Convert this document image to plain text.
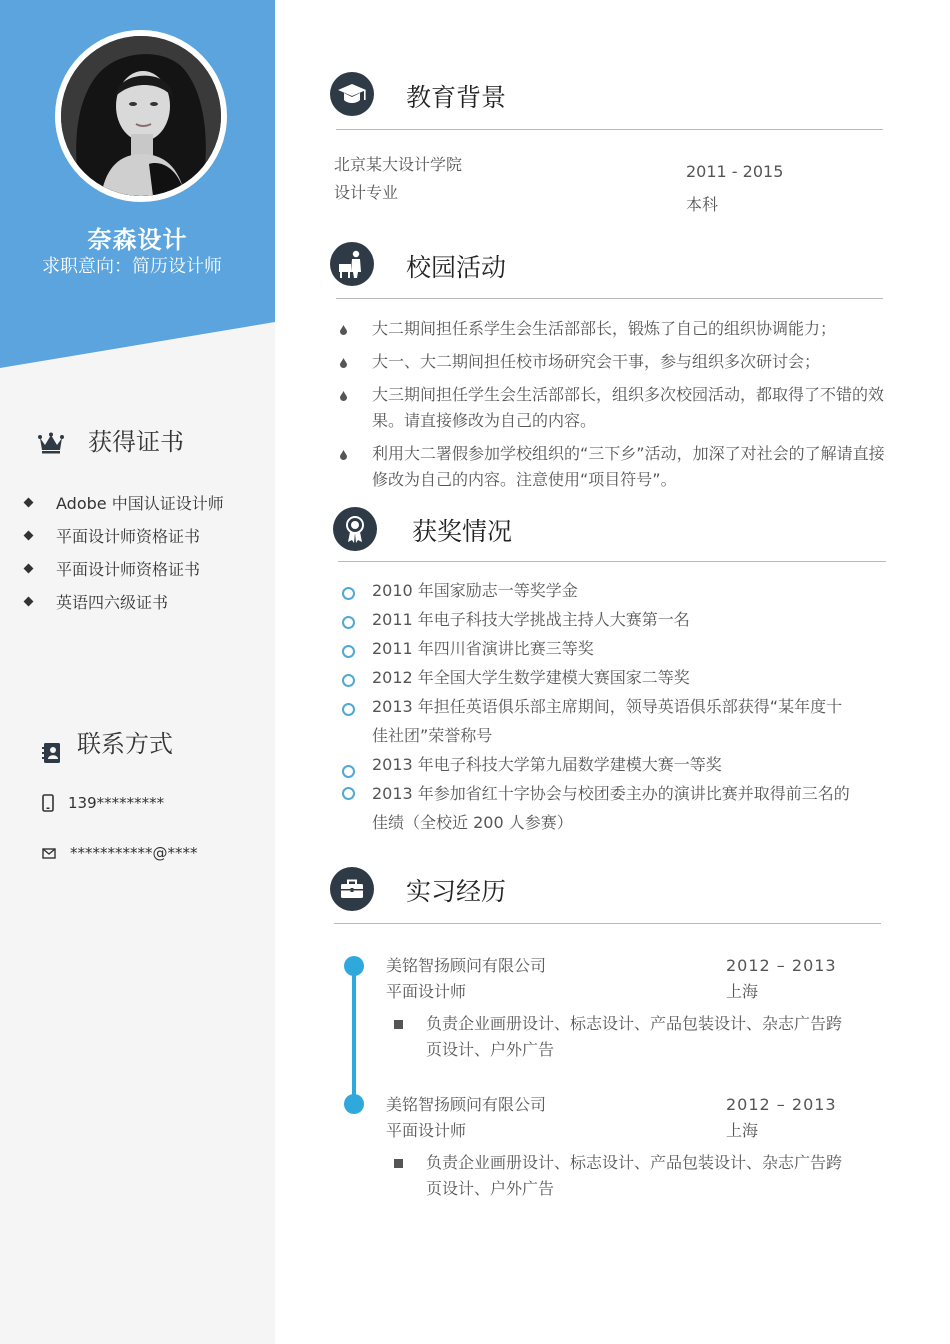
奈森设计
求职意向：简历设计师
获得证书
Adobe 中国认证设计师
平面设计师资格证书
平面设计师资格证书
英语四六级证书
联系方式
139*********
***********@****
教育背景
北京某大设计学院
设计专业
2011 - 2015
本科
校园活动
大二期间担任系学生会生活部部长，锻炼了自己的组织协调能力；
大一、大二期间担任校市场研究会干事，参与组织多次研讨会；
大三期间担任学生会生活部部长，组织多次校园活动，都取得了不错的效果。请直接修改为自己的内容。
利用大二署假参加学校组织的“三下乡”活动，加深了对社会的了解请直接修改为自己的内容。注意使用“项目符号”。
获奖情况
2010 年国家励志一等奖学金
2011 年电子科技大学挑战主持人大赛第一名
2011 年四川省演讲比赛三等奖
2012 年全国大学生数学建模大赛国家二等奖
2013 年担任英语俱乐部主席期间，领导英语俱乐部获得“某年度十佳社团”荣誉称号
2013 年电子科技大学第九届数学建模大赛一等奖
2013 年参加省红十字协会与校团委主办的演讲比赛并取得前三名的佳绩（全校近 200 人参赛）
实习经历
美铭智扬顾问有限公司
平面设计师
2012 – 2013
上海
负责企业画册设计、标志设计、产品包装设计、杂志广告跨页设计、户外广告
美铭智扬顾问有限公司
平面设计师
2012 – 2013
上海
负责企业画册设计、标志设计、产品包装设计、杂志广告跨页设计、户外广告
